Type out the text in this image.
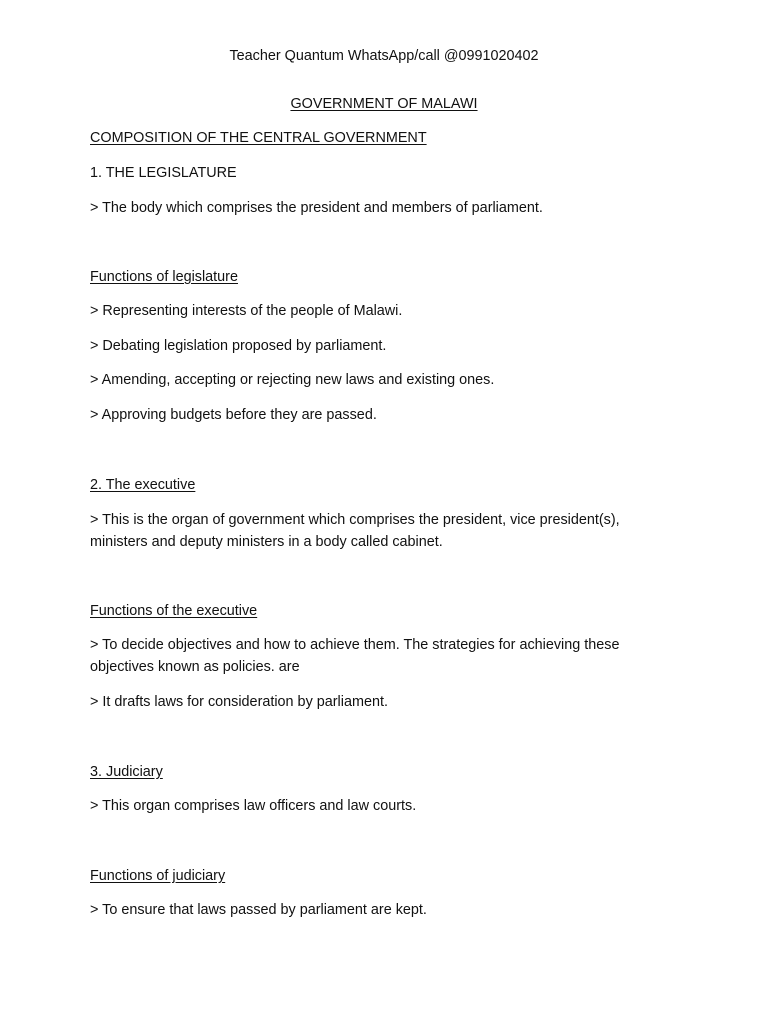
Teacher Quantum WhatsApp/call @0991020402
GOVERNMENT OF MALAWI
COMPOSITION OF THE CENTRAL GOVERNMENT
1. THE LEGISLATURE
> The body which comprises the president and members of parliament.
Functions of legislature
> Representing interests of the people of Malawi.
> Debating legislation proposed by parliament.
> Amending, accepting or rejecting new laws and existing ones.
> Approving budgets before they are passed.
2. The executive
> This is the organ of government which comprises the president, vice president(s),
ministers and deputy ministers in a body called cabinet.
Functions of the executive
> To decide objectives and how to achieve them. The strategies for achieving these
objectives known as policies. are
> It drafts laws for consideration by parliament.
3. Judiciary
> This organ comprises law officers and law courts.
Functions of judiciary
> To ensure that laws passed by parliament are kept.
